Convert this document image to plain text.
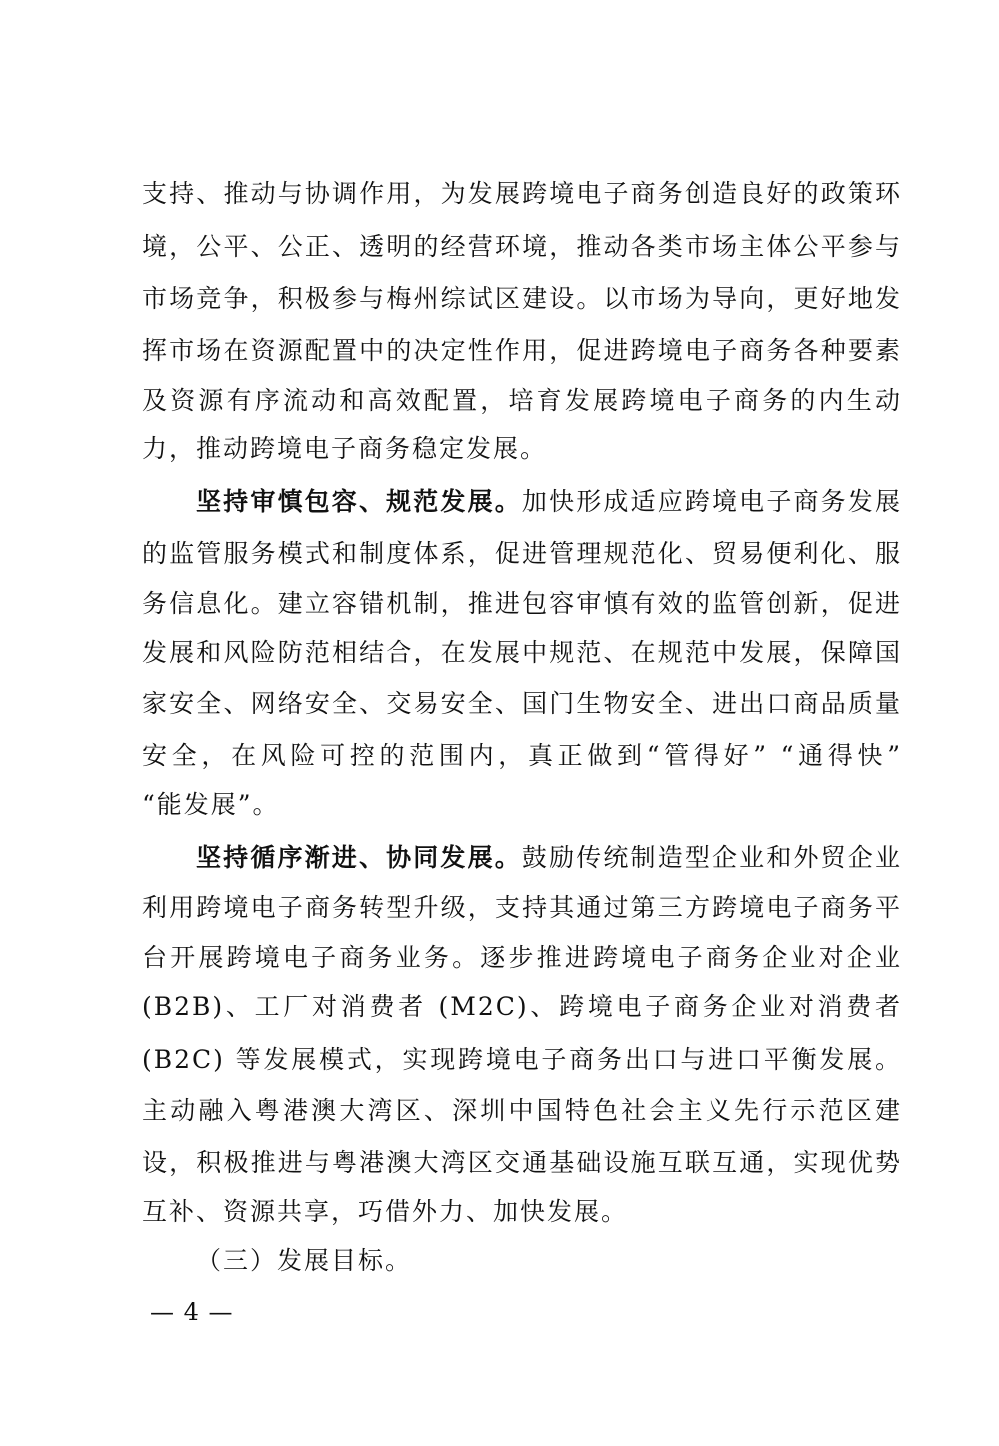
支持、推动与协调作用，为发展跨境电子商务创造良好的政策环
境，公平、公正、透明的经营环境，推动各类市场主体公平参与
市场竞争，积极参与梅州综试区建设。以市场为导向，更好地发
挥市场在资源配置中的决定性作用，促进跨境电子商务各种要素
及资源有序流动和高效配置，培育发展跨境电子商务的内生动
力，推动跨境电子商务稳定发展。
坚持审慎包容、规范发展。加快形成适应跨境电子商务发展
的监管服务模式和制度体系，促进管理规范化、贸易便利化、服
务信息化。建立容错机制，推进包容审慎有效的监管创新，促进
发展和风险防范相结合，在发展中规范、在规范中发展，保障国
家安全、网络安全、交易安全、国门生物安全、进出口商品质量
安全，在风险可控的范围内，真正做到“管得好” “通得快”
“能发展”。
坚持循序渐进、协同发展。鼓励传统制造型企业和外贸企业
利用跨境电子商务转型升级，支持其通过第三方跨境电子商务平
台开展跨境电子商务业务。逐步推进跨境电子商务企业对企业
(B2B)、工厂对消费者 (M2C)、跨境电子商务企业对消费者
(B2C) 等发展模式，实现跨境电子商务出口与进口平衡发展。
主动融入粤港澳大湾区、深圳中国特色社会主义先行示范区建
设，积极推进与粤港澳大湾区交通基础设施互联互通，实现优势
互补、资源共享，巧借外力、加快发展。
（三）发展目标。
— 4 —
